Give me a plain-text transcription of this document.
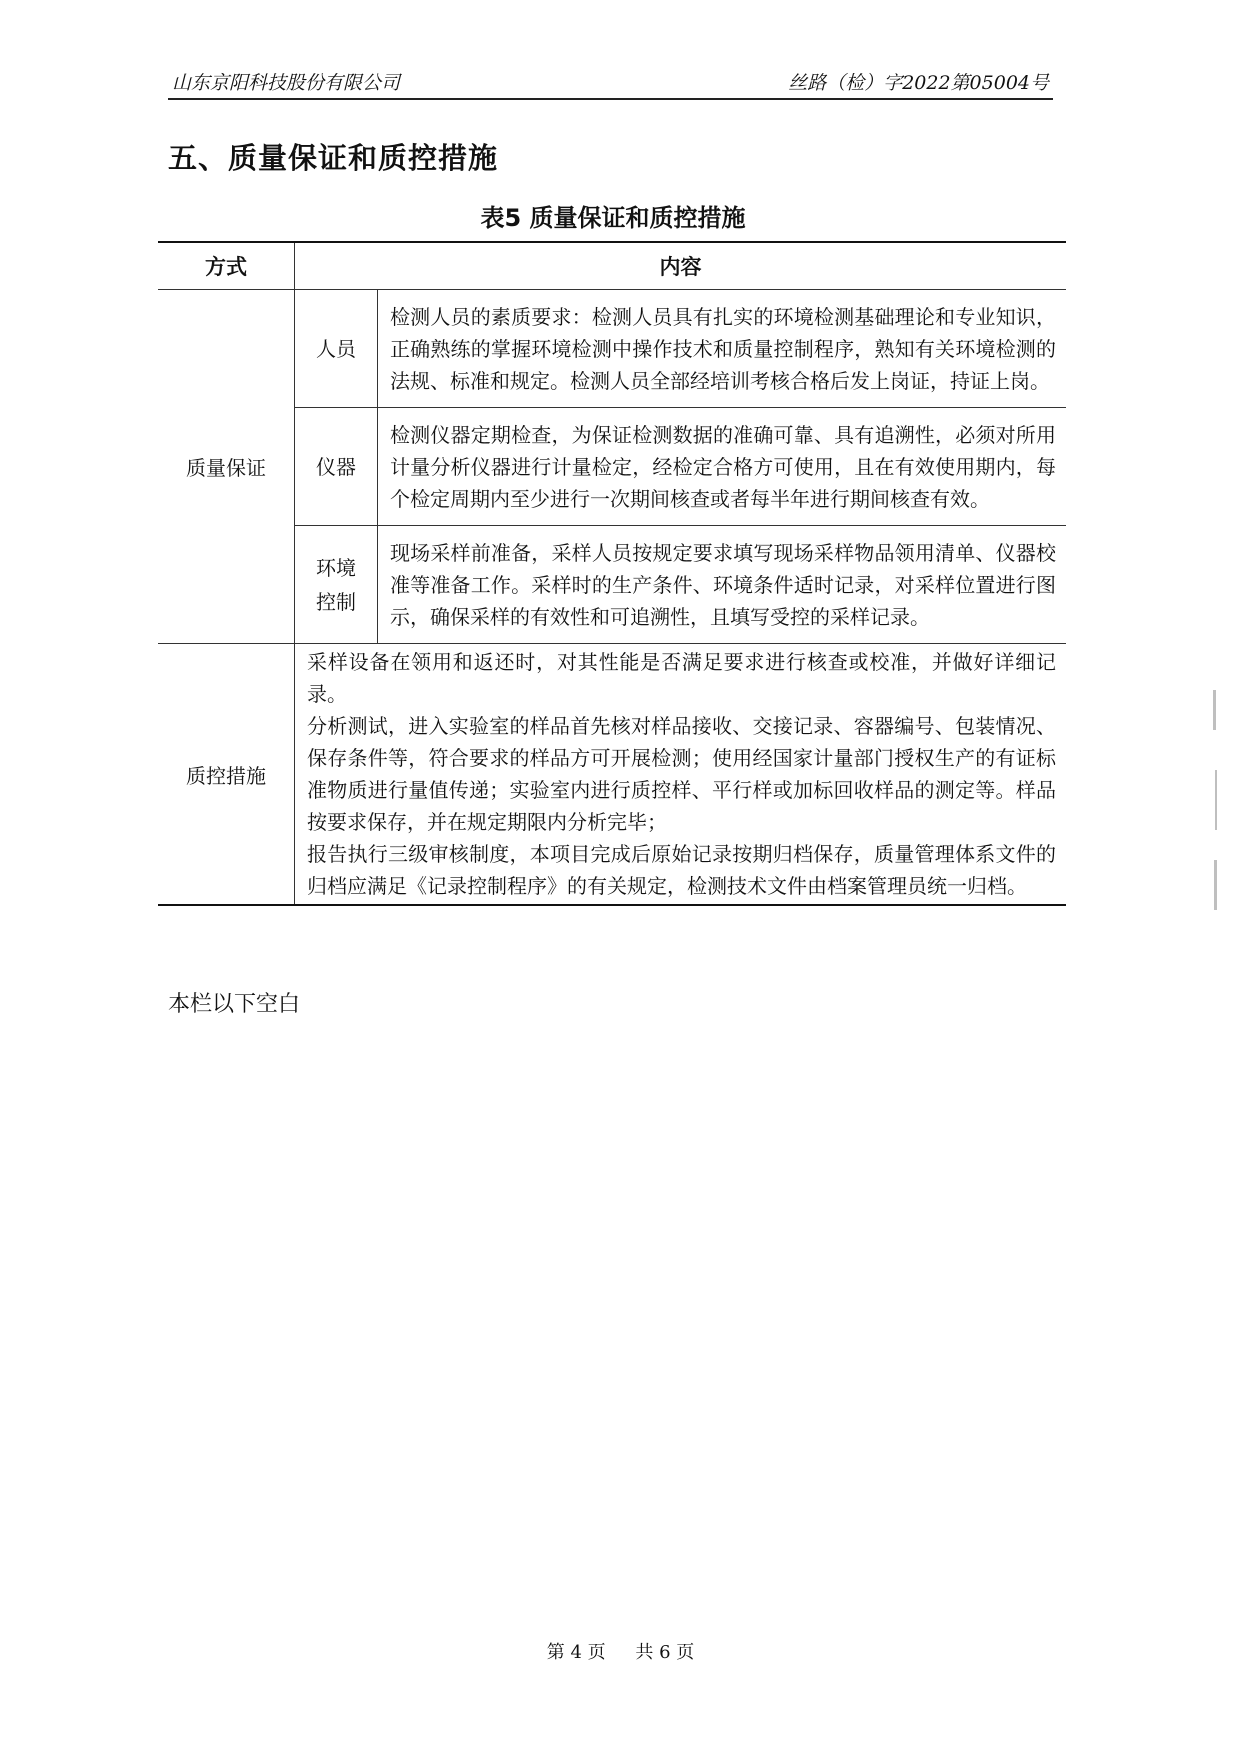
山东京阳科技股份有限公司	丝路（检）字2022第05004号
五、质量保证和质控措施
表5 质量保证和质控措施
方式	内容	
质量保证	人员	检测人员的素质要求：检测人员具有扎实的环境检测基础理论和专业知识，正确熟练的掌握环境检测中操作技术和质量控制程序，熟知有关环境检测的法规、标准和规定。检测人员全部经培训考核合格后发上岗证，持证上岗。
	仪器	检测仪器定期检查，为保证检测数据的准确可靠、具有追溯性，必须对所用计量分析仪器进行计量检定，经检定合格方可使用，且在有效使用期内，每个检定周期内至少进行一次期间核查或者每半年进行期间核查有效。

	环境控制	现场采样前准备，采样人员按规定要求填写现场采样物品领用清单、仪器校准等准备工作。采样时的生产条件、环境条件适时记录，对采样位置进行图示，确保采样的有效性和可追溯性，且填写受控的采样记录。
质控措施	采样设备在领用和返还时，对其性能是否满足要求进行核查或校准，并做好详细记录。

分析测试，进入实验室的样品首先核对样品接收、交接记录、容器编号、包装情况、保存条件等，符合要求的样品方可开展检测；使用经国家计量部门授权生产的有证标准物质进行量值传递；实验室内进行质控样、平行样或加标回收样品的测定等。样品按要求保存，并在规定期限内分析完毕；

报告执行三级审核制度，本项目完成后原始记录按期归档保存，质量管理体系文件的归档应满足《记录控制程序》的有关规定，检测技术文件由档案管理员统一归档。	

本栏以下空白
第 4 页 共 6 页
